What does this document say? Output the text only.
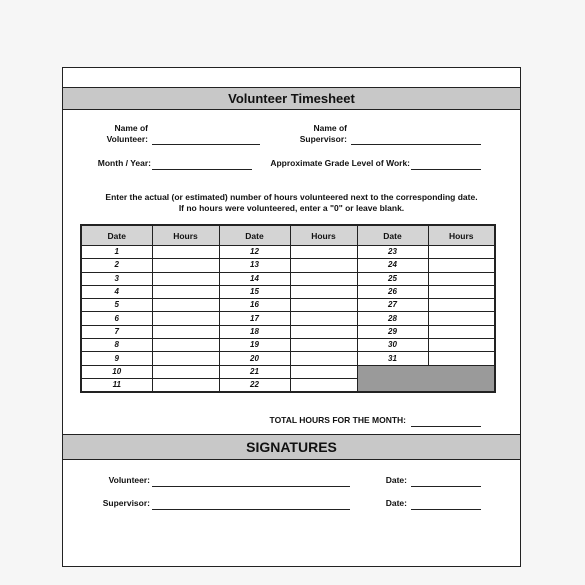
Volunteer Timesheet
Name of
Volunteer:
Name of
Supervisor:
Month / Year:	Approximate Grade Level of Work:
Enter the actual (or estimated) number of hours volunteered next to the corresponding date.
If no hours were volunteered, enter a "0" or leave blank.
Date	Hours	Date	Hours	Date	Hours
1		12		23	
2		13		24	
3		14		25	
4		15		26	
5		16		27	
6		17		28	
7		18		29	
8		19		30	
9		20		31	
10		21			
11		22			
TOTAL HOURS FOR THE MONTH:
SIGNATURES
Volunteer:	Date:
Supervisor:	Date:
